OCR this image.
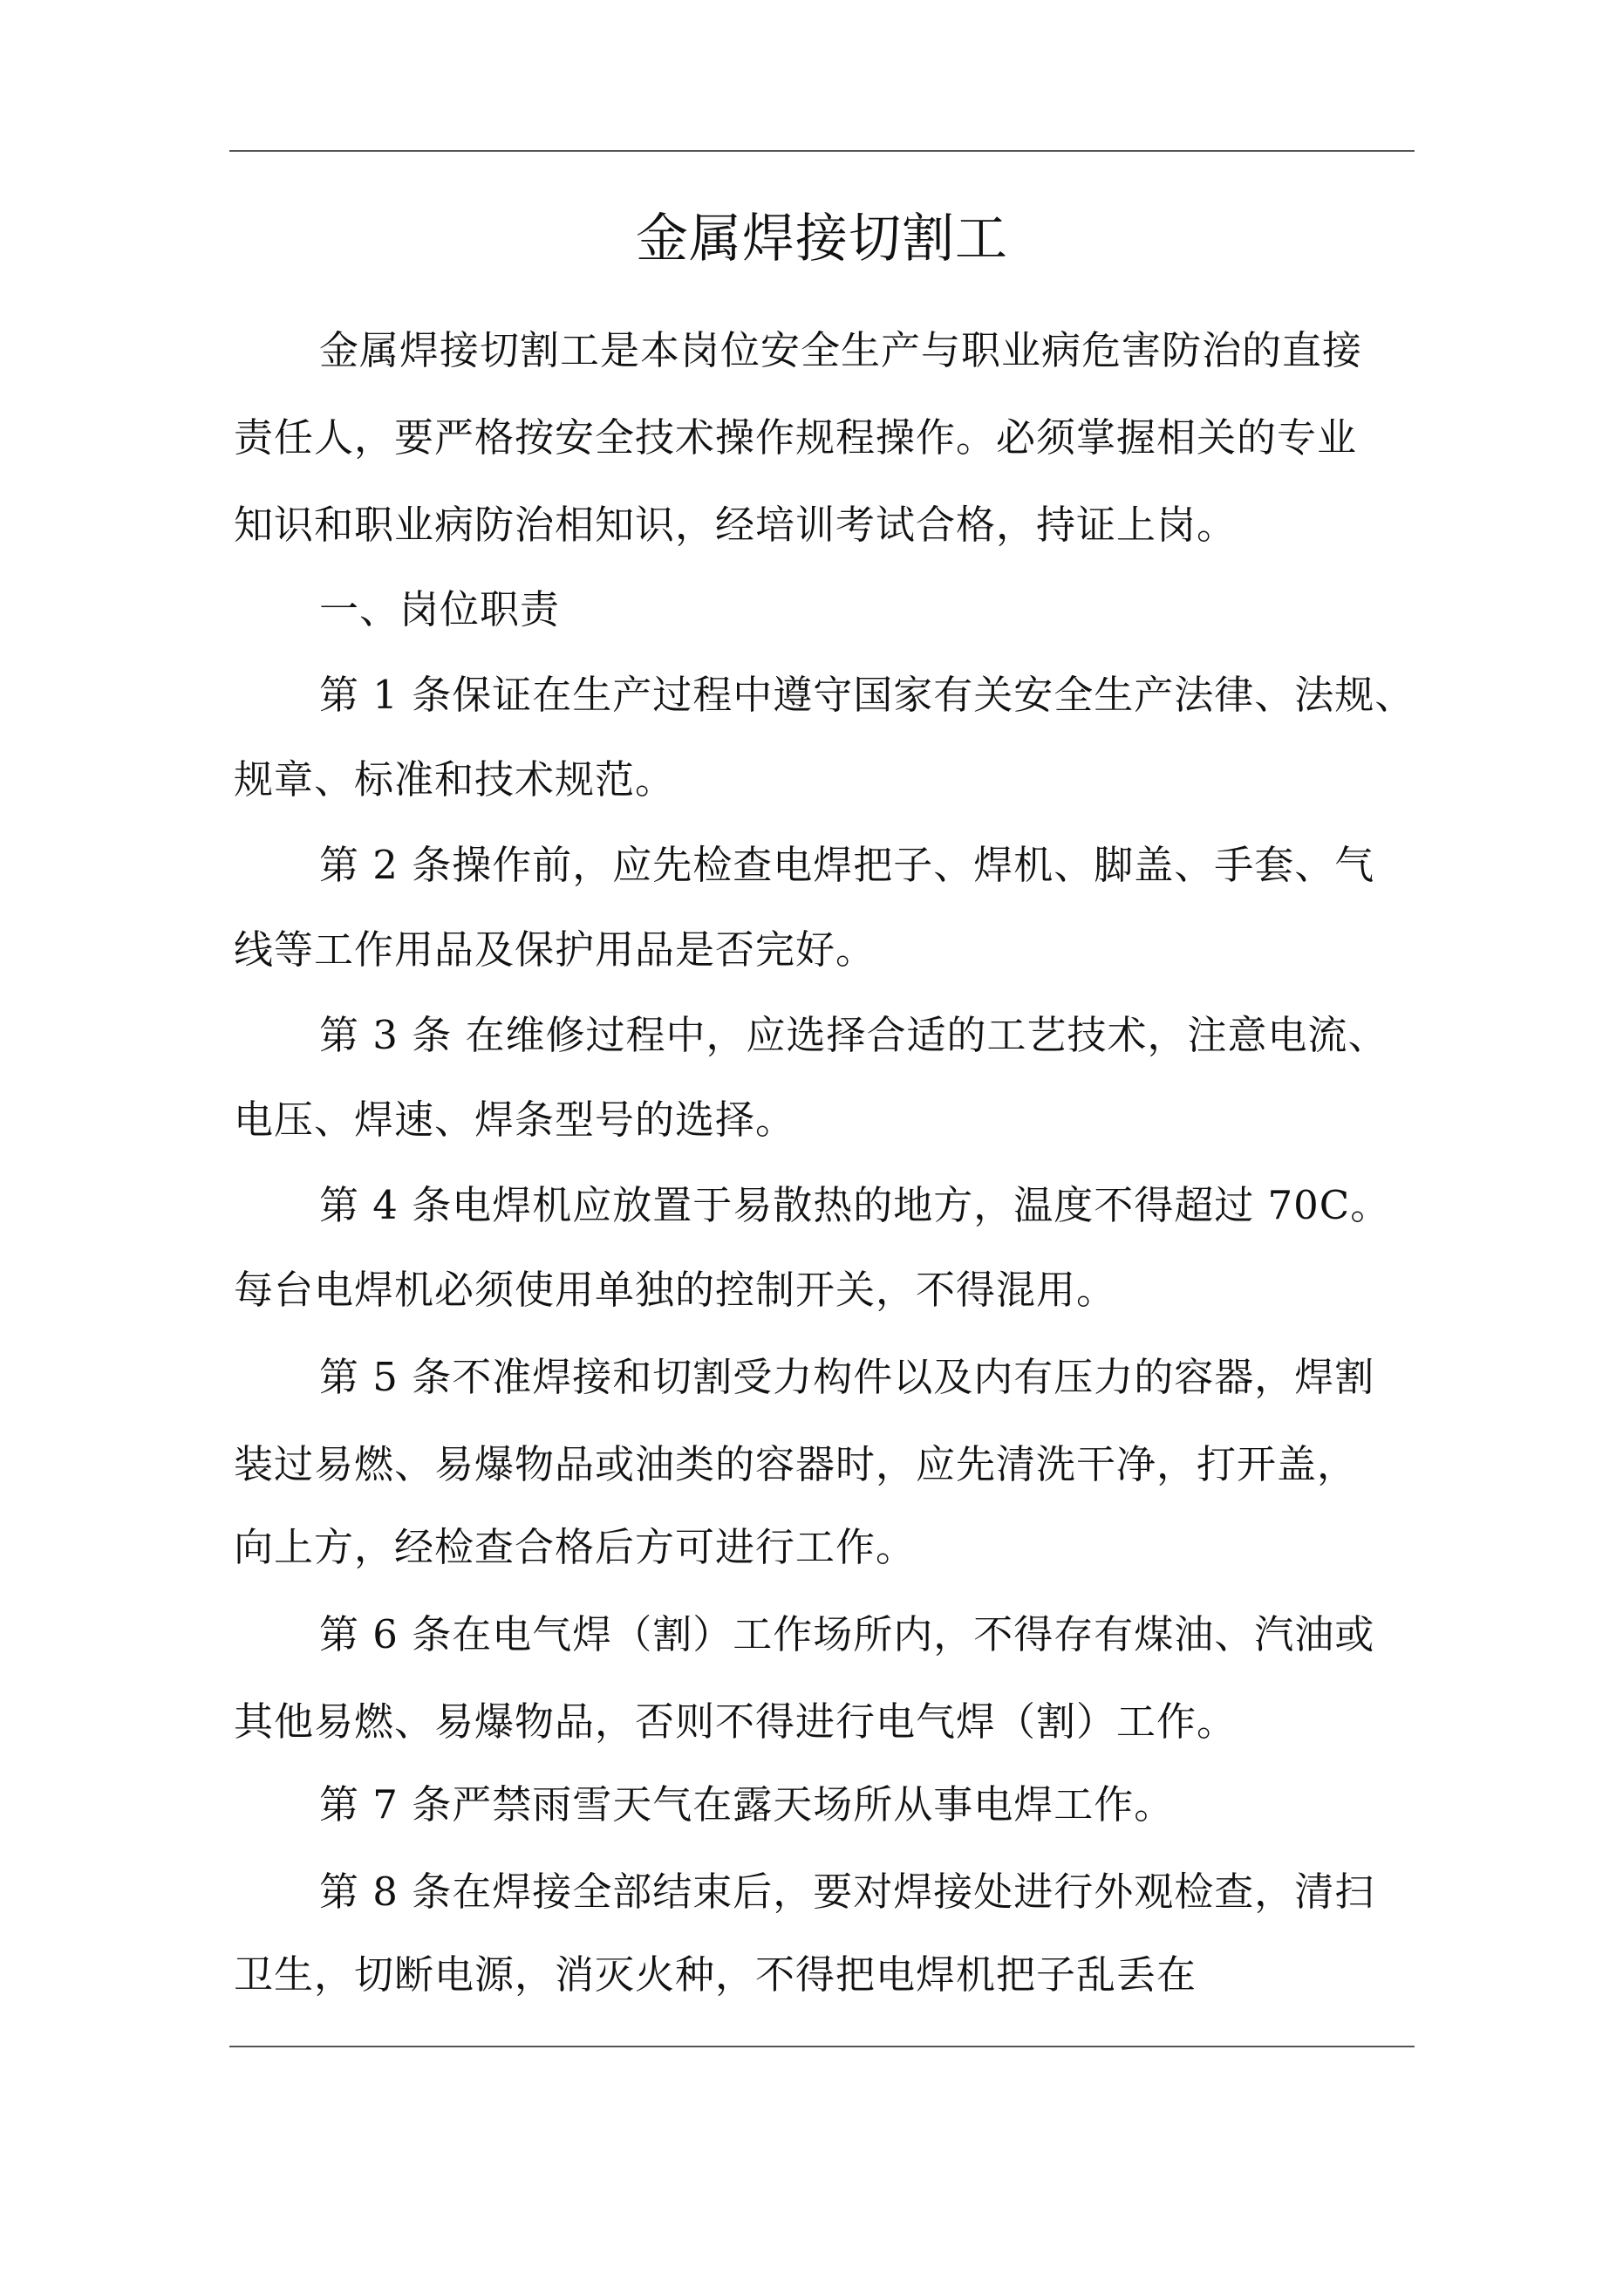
金属焊接切割工

金属焊接切割工是本岗位安全生产与职业病危害防治的直接

责任人，要严格按安全技术操作规程操作。必须掌握相关的专业

知识和职业病防治相知识，经培训考试合格，持证上岗。

一、岗位职责

第 1 条保证在生产过程中遵守国家有关安全生产法律、法规、

规章、标准和技术规范。

第 2 条操作前，应先检查电焊把子、焊机、脚盖、手套、气

线等工作用品及保护用品是否完好。

第 3 条 在维修过程中，应选择合适的工艺技术，注意电流、

电压、焊速、焊条型号的选择。

第 4 条电焊机应放置于易散热的地方，温度不得超过 70C。

每台电焊机必须使用单独的控制开关，不得混用。

第 5 条不准焊接和切割受力构件以及内有压力的容器，焊割

装过易燃、易爆物品或油类的容器时，应先清洗干净，打开盖，

向上方，经检查合格后方可进行工作。

第 6 条在电气焊（割）工作场所内，不得存有煤油、汽油或

其他易燃、易爆物品，否则不得进行电气焊（割）工作。

第 7 条严禁雨雪天气在露天场所从事电焊工作。

第 8 条在焊接全部结束后，要对焊接处进行外观检查，清扫

卫生，切断电源，消灭火种，不得把电焊机把子乱丢在
